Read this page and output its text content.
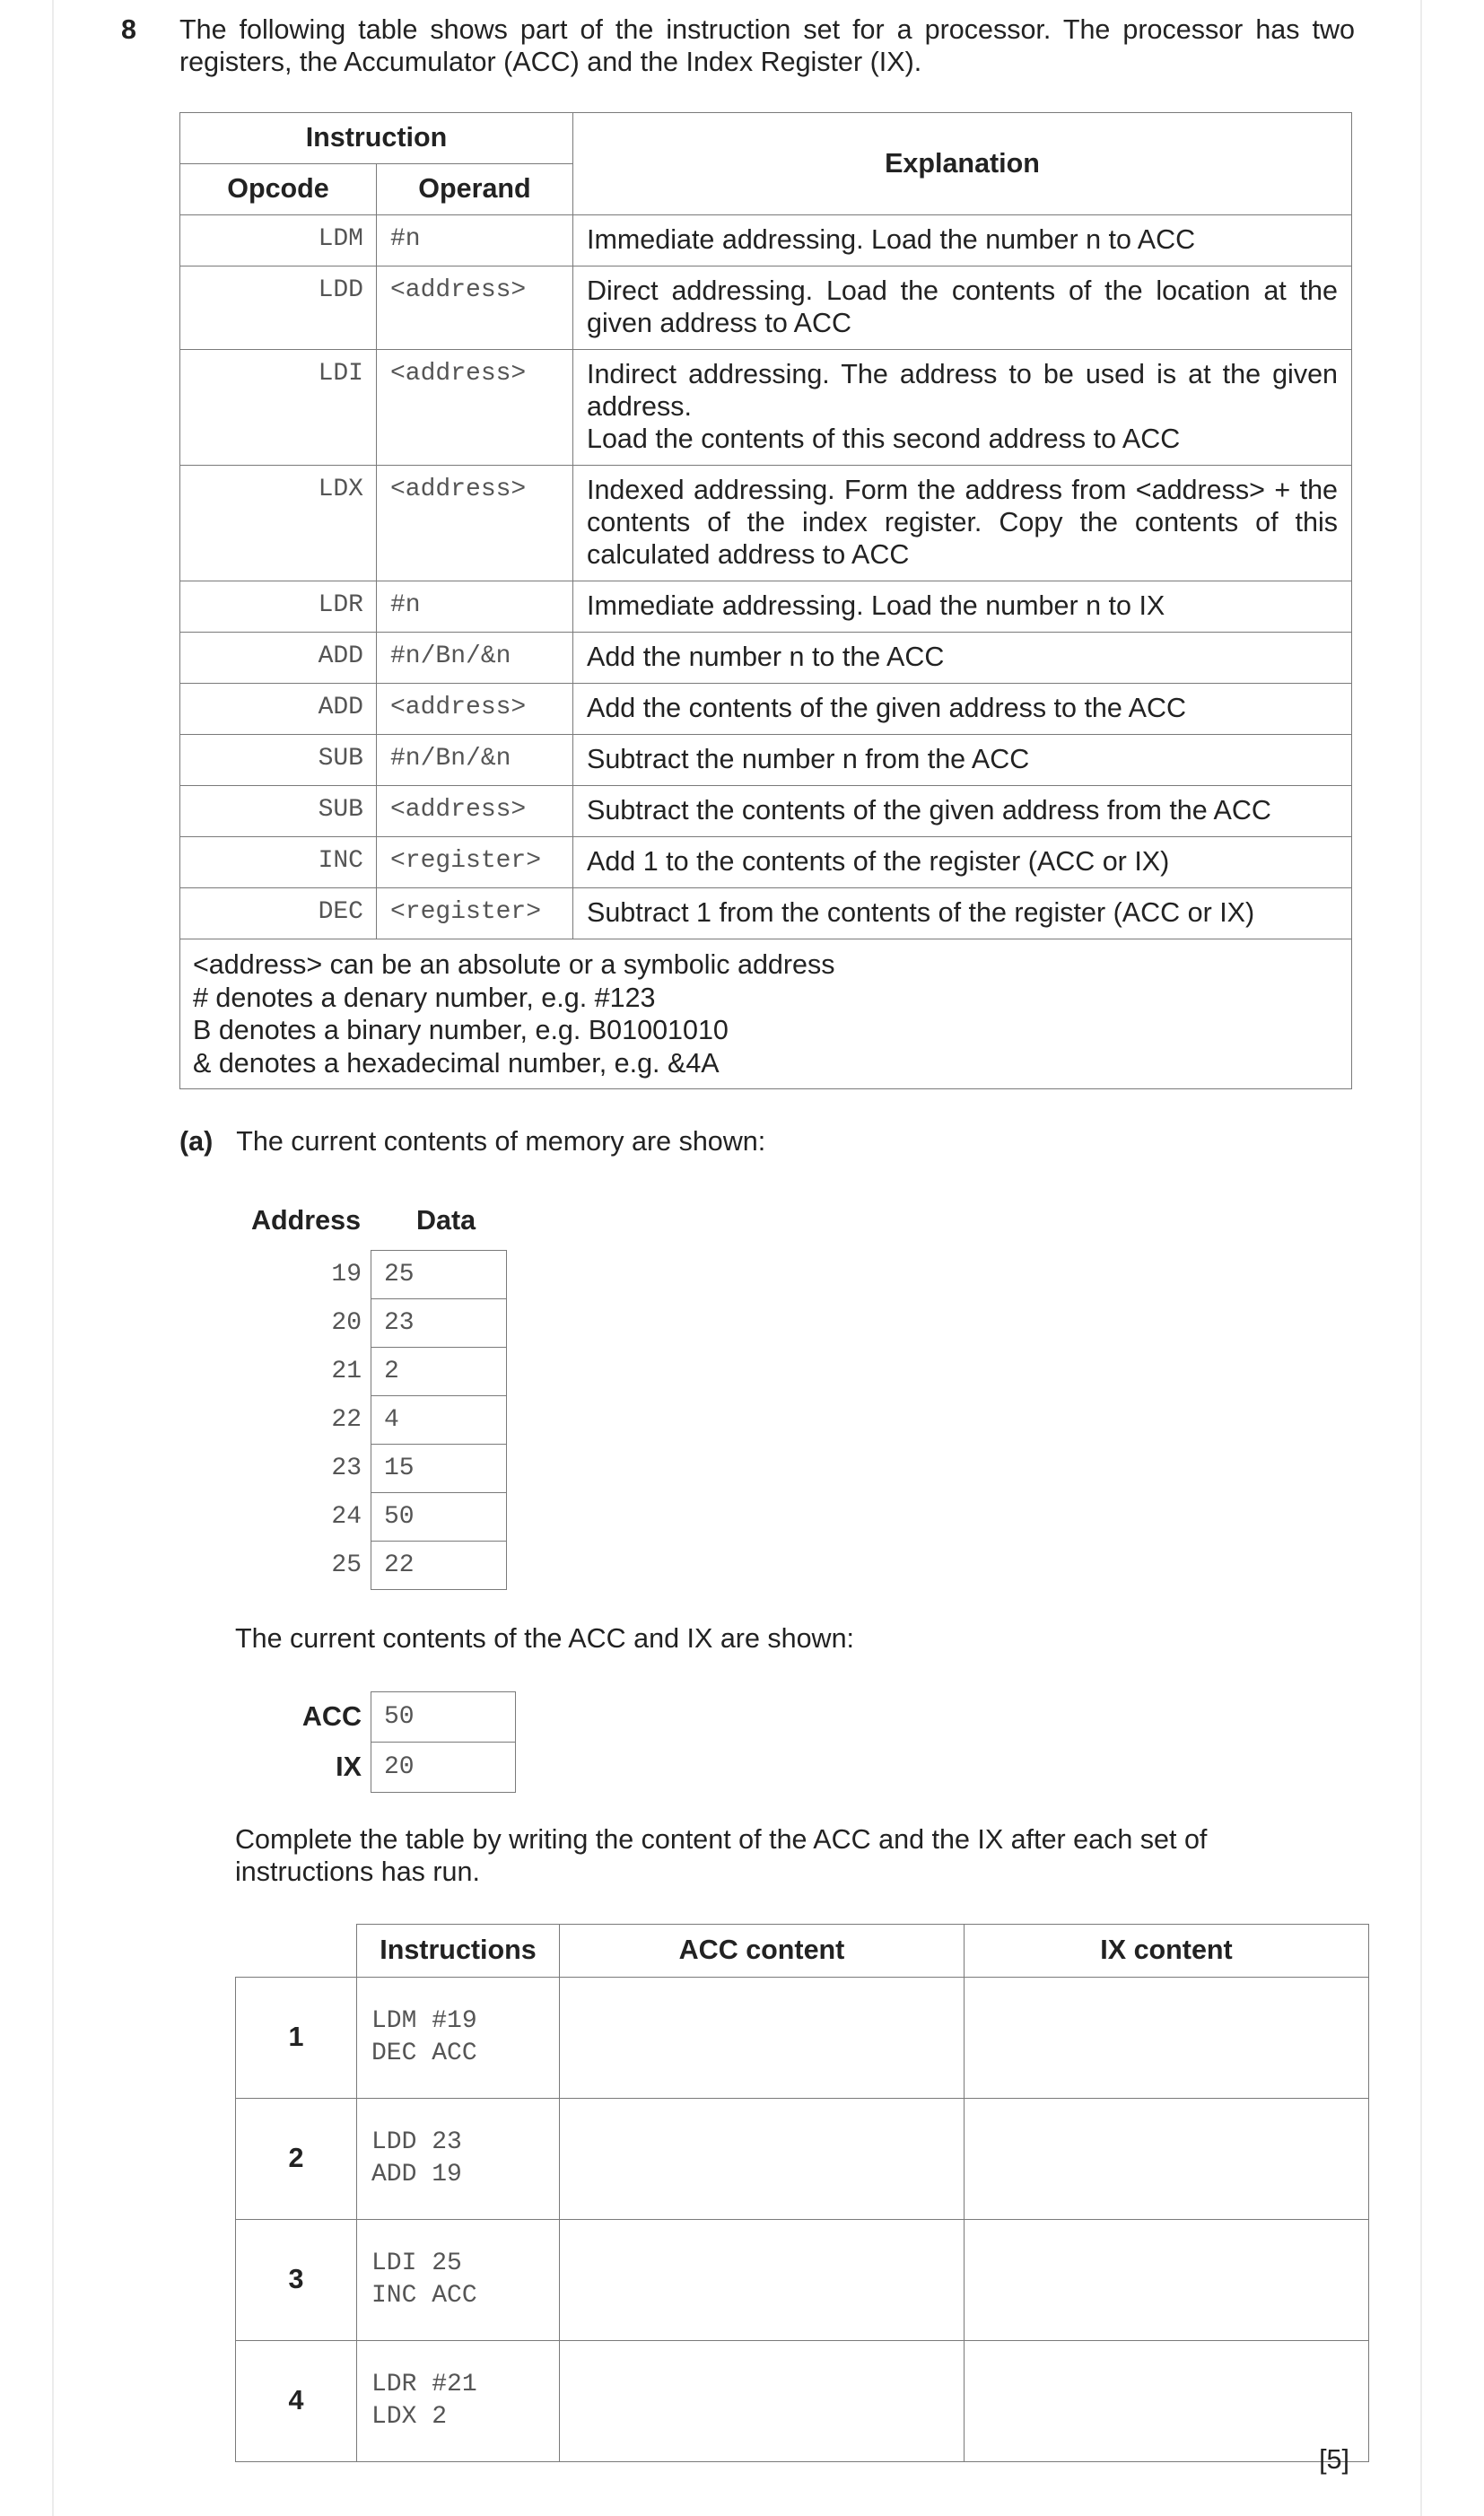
8 The following table shows part of the instruction set for a processor. The processor has two registers, the Accumulator (ACC) and the Index Register (IX).
Instruction		Explanation
Opcode	Operand	
LDM	#n	Immediate addressing. Load the number n to ACC
LDD	<address>	Direct addressing. Load the contents of the location at the given address to ACC
LDI	<address>	Indirect addressing. The address to be used is at the given address.
Load the contents of this second address to ACC

LDX	<address>	Indexed addressing. Form the address from <address> + the contents of the index register. Copy the contents of this calculated address to ACC
LDR	#n	Immediate addressing. Load the number n to IX
ADD	#n/Bn/&n	Add the number n to the ACC
ADD	<address>	Add the contents of the given address to the ACC
SUB	#n/Bn/&n	Subtract the number n from the ACC
SUB	<address>	Subtract the contents of the given address from the ACC
INC	<register>	Add 1 to the contents of the register (ACC or IX)
DEC	<register>	Subtract 1 from the contents of the register (ACC or IX)

<address> can be an absolute or a symbolic address
# denotes a denary number, e.g. #123
B denotes a binary number, e.g. B01001010
& denotes a hexadecimal number, e.g. &4A		
(a) The current contents of memory are shown:
Address Data
19	25
20	23
21	2
22	4
23	15
24	50
25	22
The current contents of the ACC and IX are shown:
ACC	50
IX	20
Complete the table by writing the content of the ACC and the IX after each set of instructions has run.
	Instructions	ACC content	IX content
1	LDM #19
DEC ACC		

2	LDD 23
ADD 19		

3	LDI 25
INC ACC		

4	LDR #21
LDX 2		

[5]
